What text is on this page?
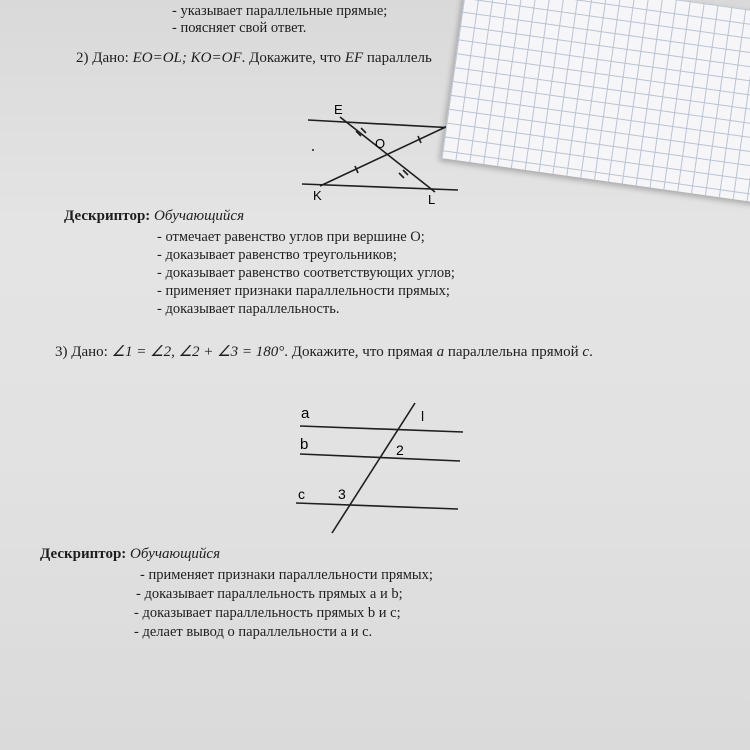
- указывает параллельные прямые;
- поясняет свой ответ.
2) Дано: EO=OL; KO=OF. Докажите, что EF параллель
E
O
K	L
Дескриптор: Обучающийся
- отмечает равенство углов при вершине O;
- доказывает равенство треугольников;
- доказывает равенство соответствующих углов;
- применяет признаки параллельности прямых;
- доказывает параллельность.
3) Дано: ∠1 = ∠2, ∠2 + ∠3 = 180°. Докажите, что прямая a параллельна прямой c.
a
b
c
l
2
3
Дескриптор: Обучающийся
- применяет признаки параллельности прямых;
- доказывает параллельность прямых a и b;
- доказывает параллельность прямых b и c;
- делает вывод о параллельности a и c.
